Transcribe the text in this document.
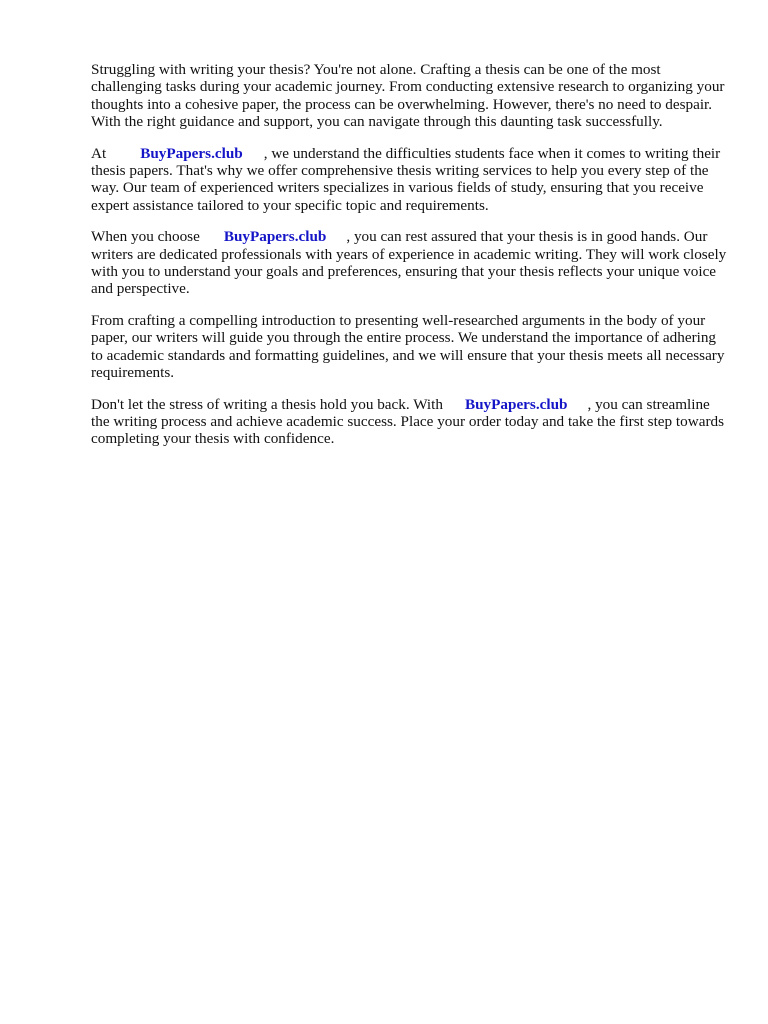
Struggling with writing your thesis? You're not alone. Crafting a thesis can be one of the most challenging tasks during your academic journey. From conducting extensive research to organizing your thoughts into a cohesive paper, the process can be overwhelming. However, there's no need to despair. With the right guidance and support, you can navigate through this daunting task successfully.

At BuyPapers.club , we understand the difficulties students face when it comes to writing their thesis papers. That's why we offer comprehensive thesis writing services to help you every step of the way. Our team of experienced writers specializes in various fields of study, ensuring that you receive expert assistance tailored to your specific topic and requirements.

When you choose BuyPapers.club , you can rest assured that your thesis is in good hands. Our writers are dedicated professionals with years of experience in academic writing. They will work closely with you to understand your goals and preferences, ensuring that your thesis reflects your unique voice and perspective.

From crafting a compelling introduction to presenting well-researched arguments in the body of your paper, our writers will guide you through the entire process. We understand the importance of adhering to academic standards and formatting guidelines, and we will ensure that your thesis meets all necessary requirements.

Don't let the stress of writing a thesis hold you back. With BuyPapers.club , you can streamline the writing process and achieve academic success. Place your order today and take the first step towards completing your thesis with confidence.
